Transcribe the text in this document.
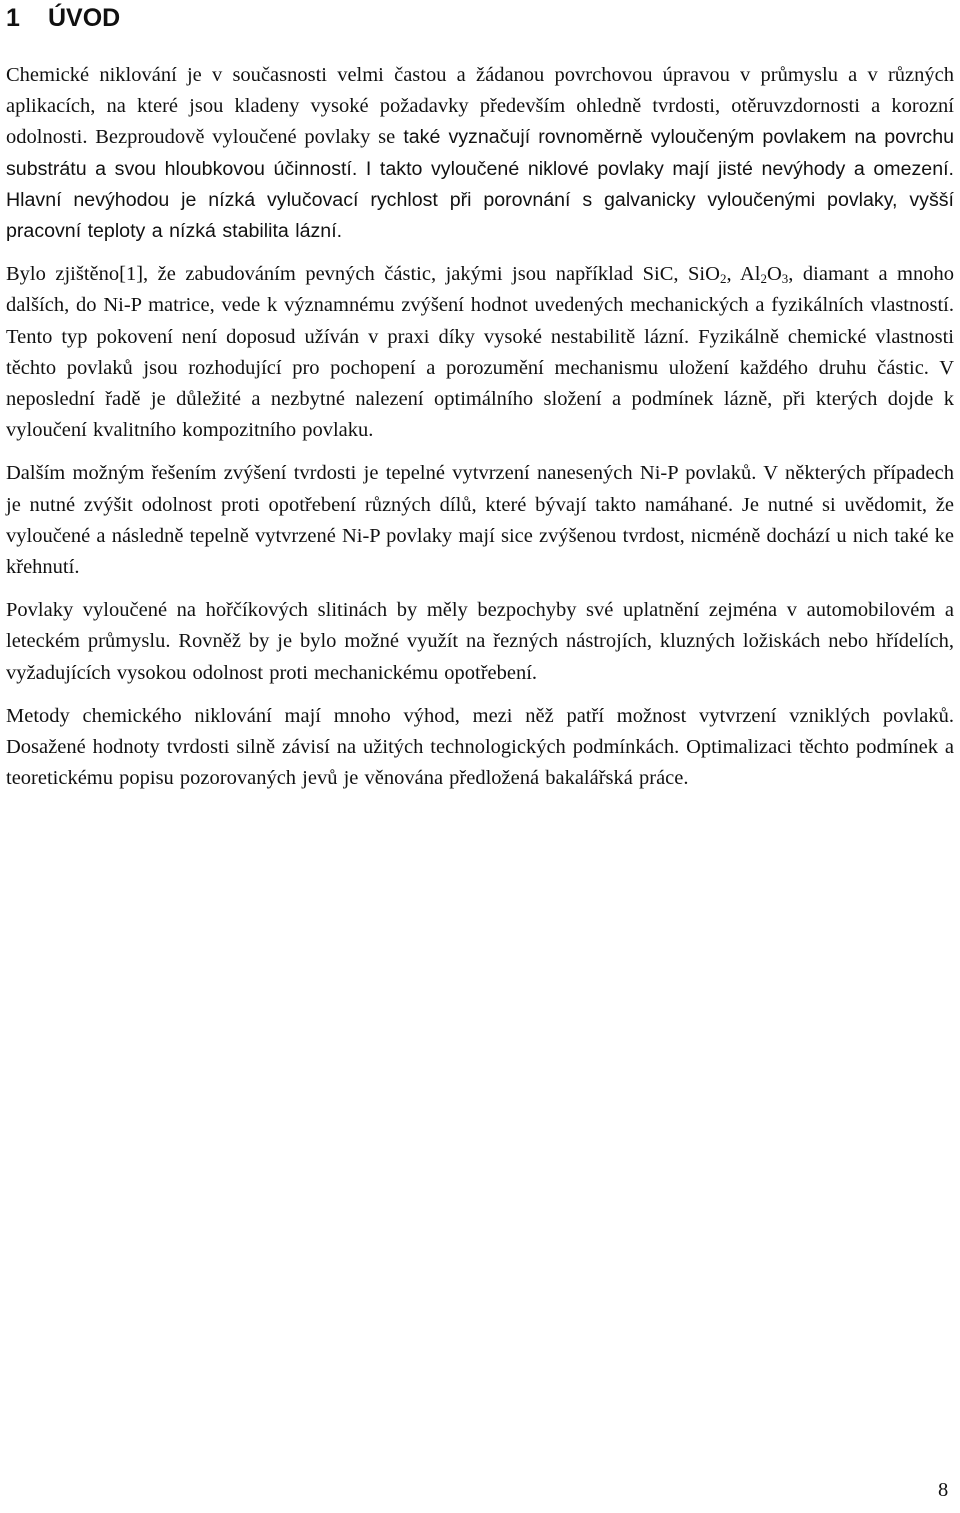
1 ÚVOD

Chemické niklování je v současnosti velmi častou a žádanou povrchovou úpravou v průmyslu a v různých aplikacích, na které jsou kladeny vysoké požadavky především ohledně tvrdosti, otěruvzdornosti a korozní odolnosti. Bezproudově vyloučené povlaky se také vyznačují rovnoměrně vyloučeným povlakem na povrchu substrátu a svou hloubkovou účinností. I takto vyloučené niklové povlaky mají jisté nevýhody a omezení. Hlavní nevýhodou je nízká vylučovací rychlost při porovnání s galvanicky vyloučenými povlaky, vyšší pracovní teploty a nízká stabilita lázní.

Bylo zjištěno[1], že zabudováním pevných částic, jakými jsou například SiC, SiO$_2$, $Al_2O_3$, diamant a mnoho dalších, do Ni-P matrice, vede k významnému zvýšení hodnot uvedených mechanických a fyzikálních vlastností. Tento typ pokovení není doposud užíván v praxi díky vysoké nestabilitě lázní. Fyzikálně chemické vlastnosti těchto povlaků jsou rozhodující pro pochopení a porozumění mechanismu uložení každého druhu částic. V neposlední řadě je důležité a nezbytné nalezení optimálního složení a podmínek lázně, při kterých dojde k vyloučení kvalitního kompozitního povlaku.

Dalším možným řešením zvýšení tvrdosti je tepelné vytvrzení nanesených Ni-P povlaků. V některých případech je nutné zvýšit odolnost proti opotřebení různých dílů, které bývají takto namáhané. Je nutné si uvědomit, že vyloučené a následně tepelně vytvrzené Ni-P povlaky mají sice zvýšenou tvrdost, nicméně dochází u nich také ke křehnutí.

Povlaky vyloučené na hořčíkových slitinách by měly bezpochyby své uplatnění zejména v automobilovém a leteckém průmyslu. Rovněž by je bylo možné využít na řezných nástrojích, kluzných ložiskách nebo hřídelích, vyžadujících vysokou odolnost proti mechanickému opotřebení.

Metody chemického niklování mají mnoho výhod, mezi něž patří možnost vytvrzení vzniklých povlaků. Dosažené hodnoty tvrdosti silně závisí na užitých technologických podmínkách. Optimalizaci těchto podmínek a teoretickému popisu pozorovaných jevů je věnována předložená bakalářská práce.

8
